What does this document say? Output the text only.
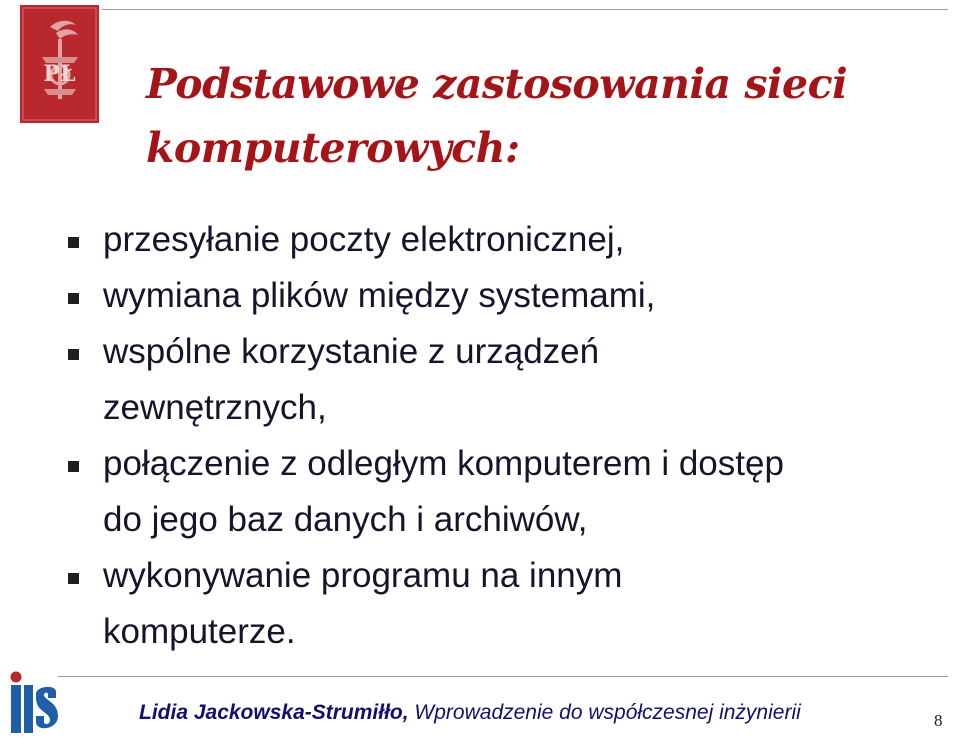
PŁ Podstawowe zastosowania sieci
komputerowych:
przesyłanie poczty elektronicznej,
wymiana plików między systemami,
wspólne korzystanie z urządzeń
zewnętrznych,
połączenie z odległym komputerem i dostęp
do jego baz danych i archiwów,
wykonywanie programu na innym
komputerze.
IIS

Lidia Jackowska-Strumiłło, Wprowadzenie do współczesnej inżynierii	8
